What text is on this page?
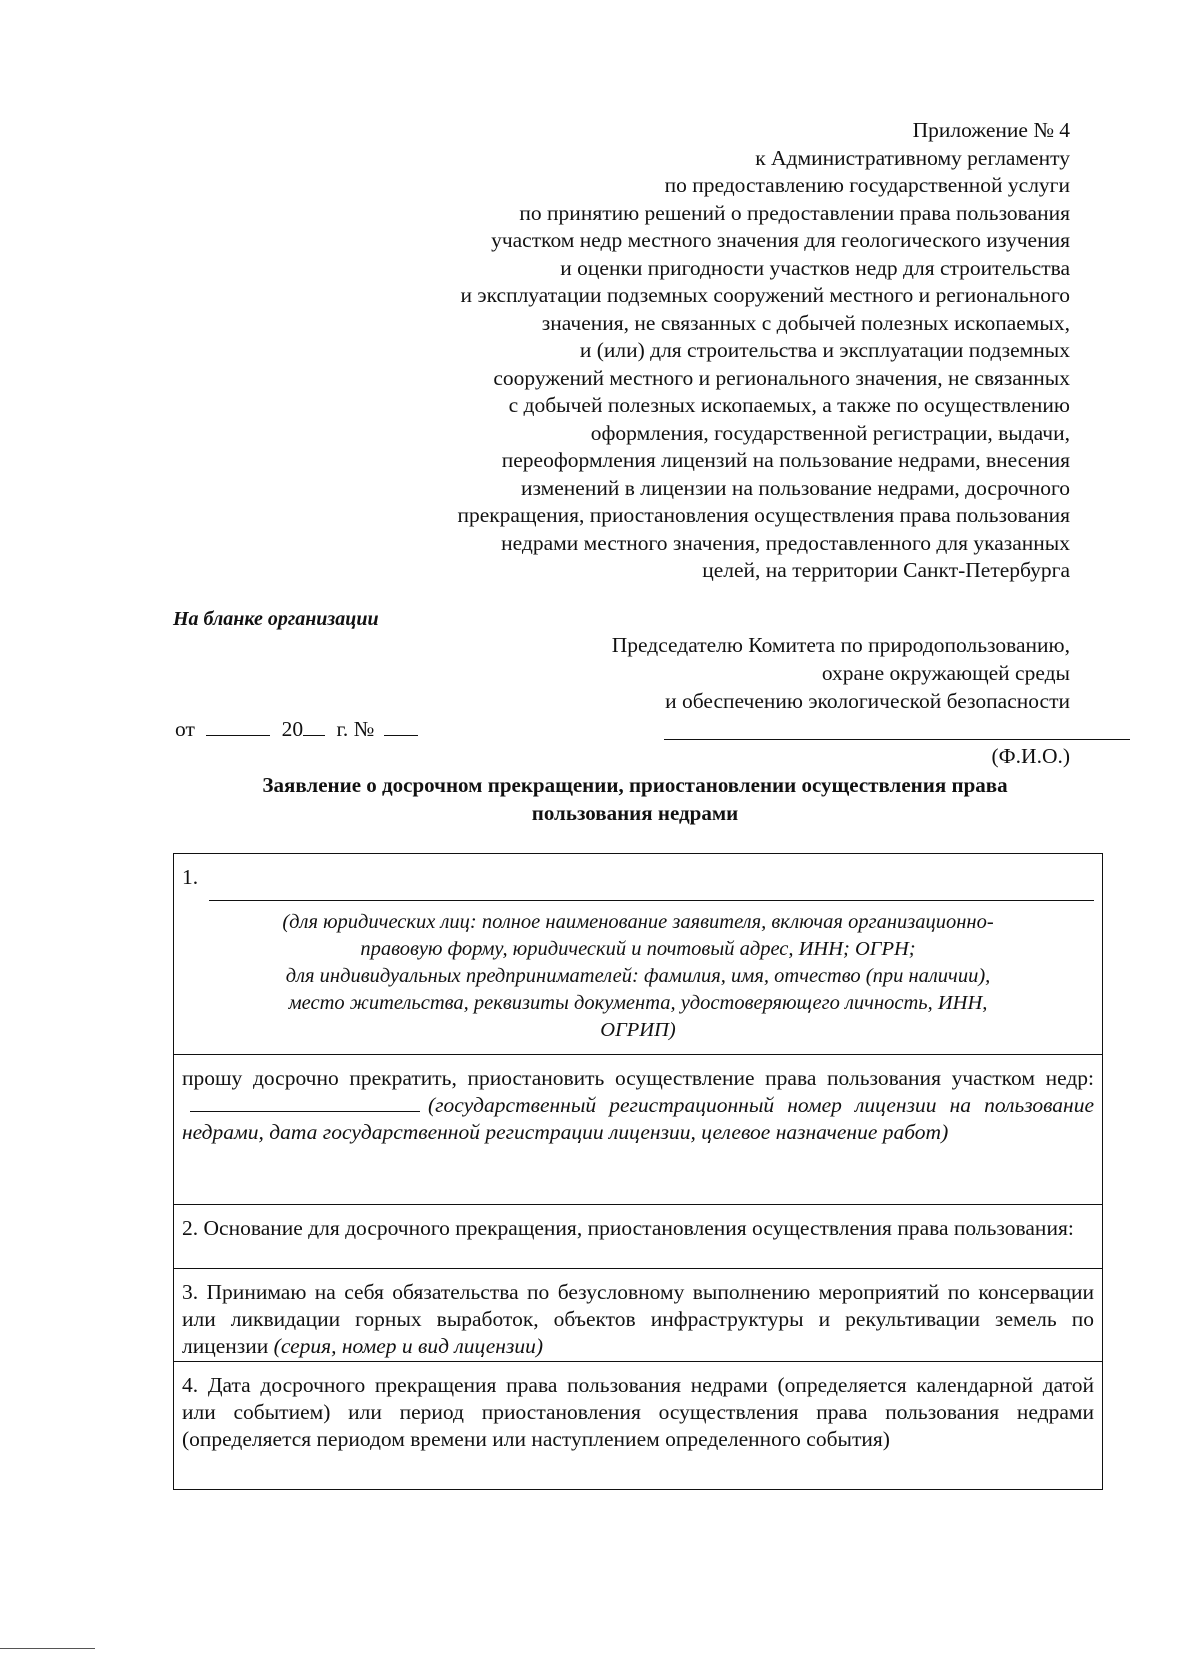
Приложение № 4
к Административному регламенту
по предоставлению государственной услуги
по принятию решений о предоставлении права пользования
участком недр местного значения для геологического изучения
и оценки пригодности участков недр для строительства
и эксплуатации подземных сооружений местного и регионального
значения, не связанных с добычей полезных ископаемых,
и (или) для строительства и эксплуатации подземных
сооружений местного и регионального значения, не связанных
с добычей полезных ископаемых, а также по осуществлению
оформления, государственной регистрации, выдачи,
переоформления лицензий на пользование недрами, внесения
изменений в лицензии на пользование недрами, досрочного
прекращения, приостановления осуществления права пользования
недрами местного значения, предоставленного для указанных
целей, на территории Санкт-Петербурга
На бланке организации
Председателю Комитета по природопользованию,
охране окружающей среды
и обеспечению экологической безопасности
от	20 г. №
(Ф.И.О.)
Заявление о досрочном прекращении, приостановлении осуществления права
пользования недрами
1.
(для юридических лиц: полное наименование заявителя, включая организационно-
правовую форму, юридический и почтовый адрес, ИНН; ОГРН;
для индивидуальных предпринимателей: фамилия, имя, отчество (при наличии),
место жительства, реквизиты документа, удостоверяющего личность, ИНН,
ОГРИП)
прошу досрочно прекратить, приостановить осуществление права пользования участком недр:(государственный регистрационный номер лицензии на пользование недрами, дата государственной регистрации лицензии, целевое назначение работ)
2. Основание для досрочного прекращения, приостановления осуществления права пользования:
3. Принимаю на себя обязательства по безусловному выполнению мероприятий по консервации или ликвидации горных выработок, объектов инфраструктуры и рекультивации земель по лицензии (серия, номер и вид лицензии)
4. Дата досрочного прекращения права пользования недрами (определяется календарной датой или событием) или период приостановления осуществления права пользования недрами (определяется периодом времени или наступлением определенного события)
